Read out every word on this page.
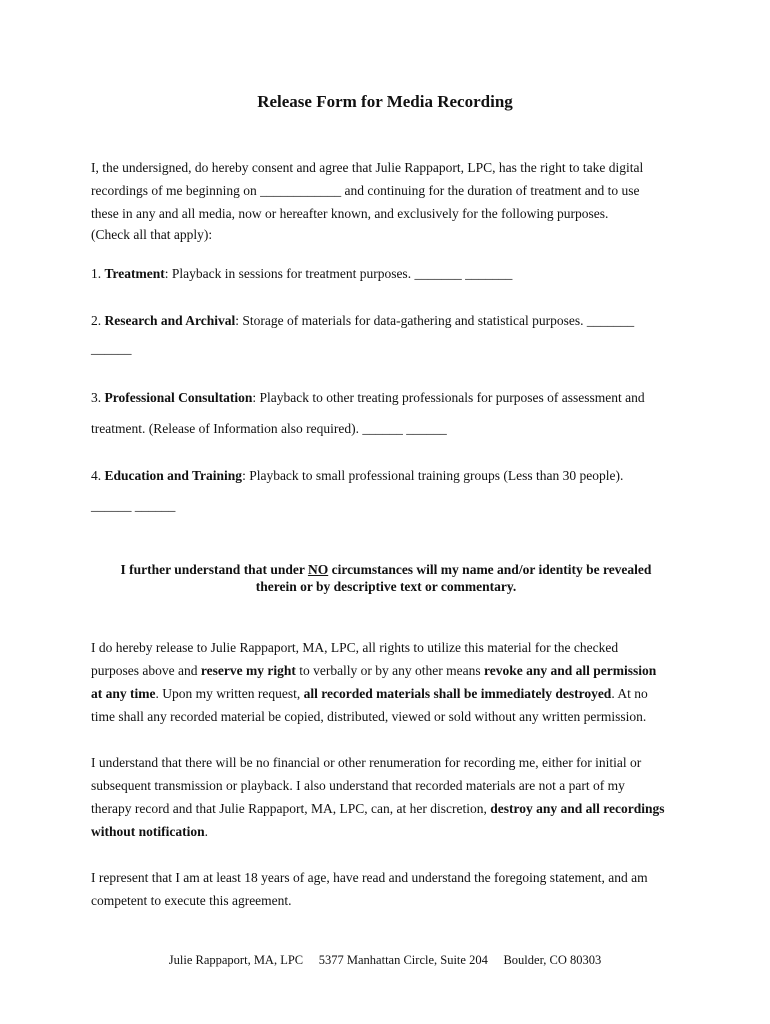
Release Form for Media Recording
I, the undersigned, do hereby consent and agree that Julie Rappaport, LPC, has the right to take digital
recordings of me beginning on ____________ and continuing for the duration of treatment and to use
these in any and all media, now or hereafter known, and exclusively for the following purposes.
(Check all that apply):
1. Treatment: Playback in sessions for treatment purposes. _______ _______
2. Research and Archival: Storage of materials for data-gathering and statistical purposes. _______
______
3. Professional Consultation: Playback to other treating professionals for purposes of assessment and
treatment. (Release of Information also required). ______ ______
4. Education and Training: Playback to small professional training groups (Less than 30 people).
______ ______
I further understand that under NO circumstances will my name and/or identity be revealed
therein or by descriptive text or commentary.
I do hereby release to Julie Rappaport, MA, LPC, all rights to utilize this material for the checked
purposes above and reserve my right to verbally or by any other means revoke any and all permission
at any time. Upon my written request, all recorded materials shall be immediately destroyed. At no
time shall any recorded material be copied, distributed, viewed or sold without any written permission.
I understand that there will be no financial or other renumeration for recording me, either for initial or
subsequent transmission or playback. I also understand that recorded materials are not a part of my
therapy record and that Julie Rappaport, MA, LPC, can, at her discretion, destroy any and all recordings
without notification.
I represent that I am at least 18 years of age, have read and understand the foregoing statement, and am
competent to execute this agreement.
Julie Rappaport, MA, LPC 5377 Manhattan Circle, Suite 204 Boulder, CO 80303
